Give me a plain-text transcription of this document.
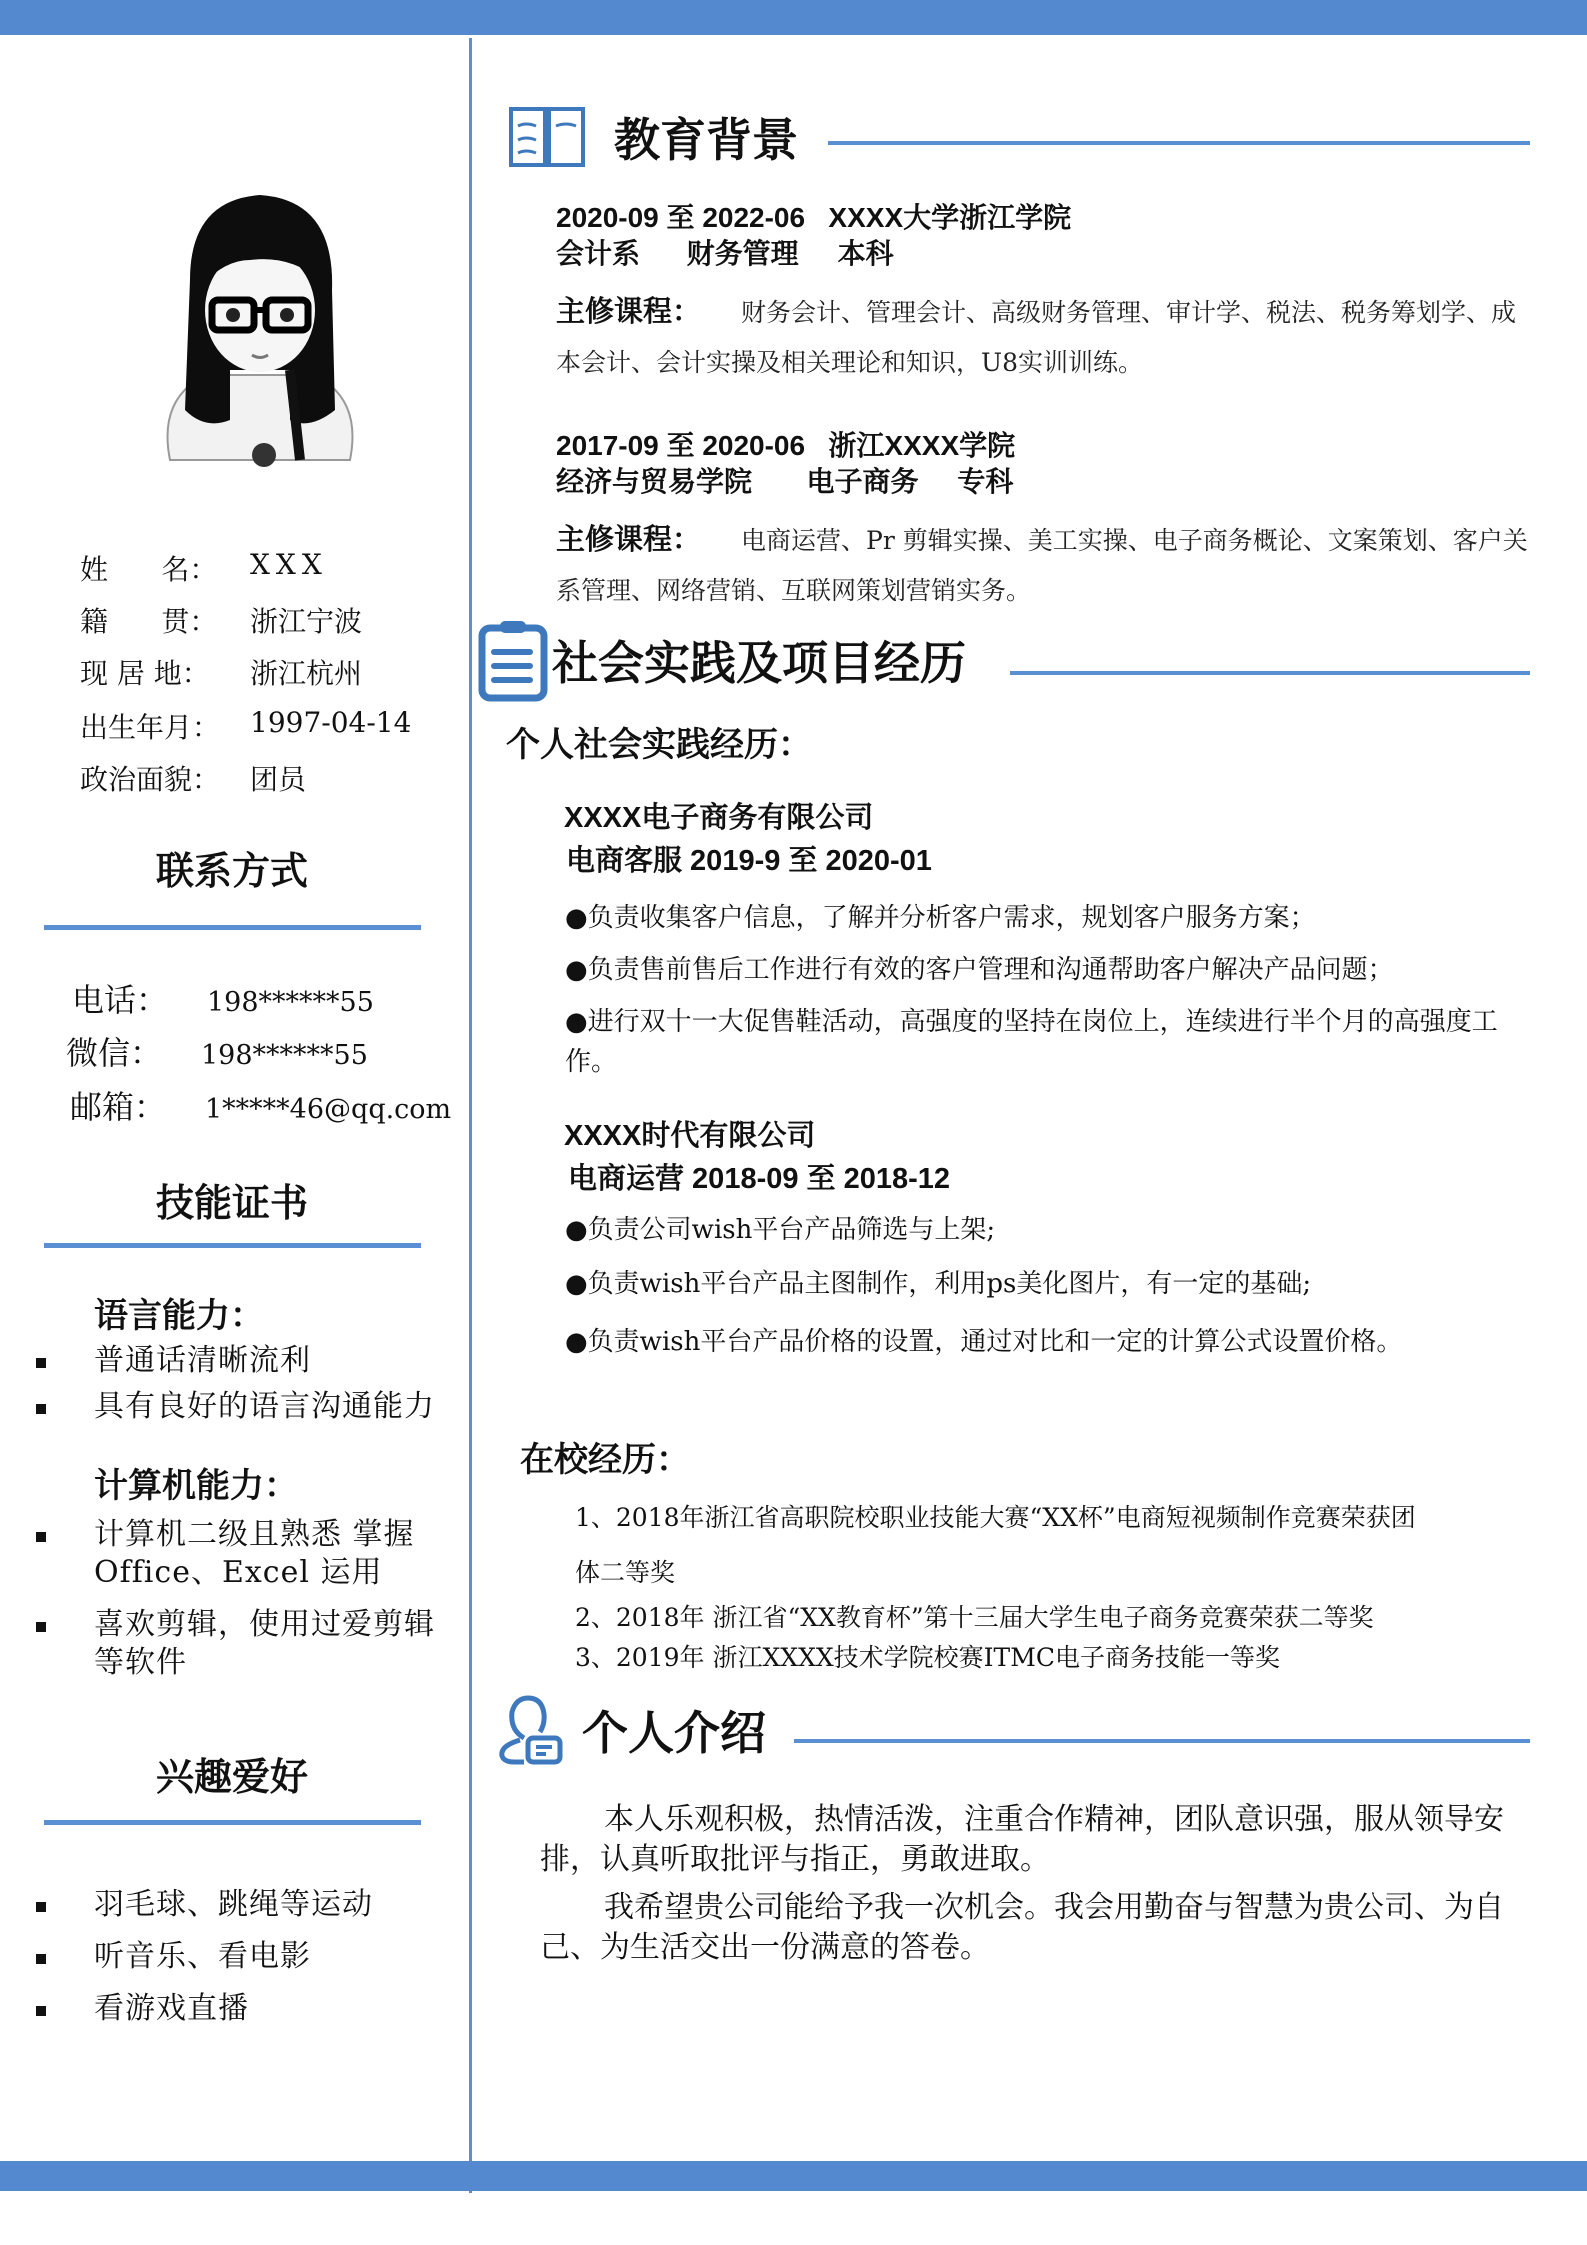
姓      名：	XXX
籍      贯：	浙江宁波
现 居 地：	浙江杭州
出生年月：	1997-04-14
政治面貌：	团员
联系方式
电话：	198******55
微信：	198******55
邮箱：	1*****46@qq.com
技能证书
语言能力：
普通话清晰流利
具有良好的语言沟通能力
计算机能力：
计算机二级且熟悉 掌握 Office、Excel 运用
喜欢剪辑，使用过爱剪辑等软件
兴趣爱好
羽毛球、跳绳等运动
听音乐、看电影
看游戏直播
教育背景
2020-09 至 2022-06   XXXX大学浙江学院
会计系      财务管理     本科
主修课程： 财务会计、管理会计、高级财务管理、审计学、税法、税务筹划学、成本会计、会计实操及相关理论和知识，U8实训训练。
2017-09 至 2020-06   浙江XXXX学院
经济与贸易学院       电子商务     专科
主修课程： 电商运营、Pr 剪辑实操、美工实操、电子商务概论、文案策划、客户关系管理、网络营销、互联网策划营销实务。
社会实践及项目经历
个人社会实践经历：
XXXX电子商务有限公司
电商客服 2019-9 至 2020-01
●负责收集客户信息，了解并分析客户需求，规划客户服务方案；
●负责售前售后工作进行有效的客户管理和沟通帮助客户解决产品问题；
●进行双十一大促售鞋活动，高强度的坚持在岗位上，连续进行半个月的高强度工作。
XXXX时代有限公司
电商运营 2018-09 至 2018-12
●负责公司wish平台产品筛选与上架;
●负责wish平台产品主图制作，利用ps美化图片，有一定的基础;
●负责wish平台产品价格的设置，通过对比和一定的计算公式设置价格。
在校经历：
1、2018年浙江省高职院校职业技能大赛“XX杯”电商短视频制作竞赛荣获团
体二等奖
2、2018年 浙江省“XX教育杯”第十三届大学生电子商务竞赛荣获二等奖
3、2019年 浙江XXXX技术学院校赛ITMC电子商务技能一等奖
个人介绍
本人乐观积极，热情活泼，注重合作精神，团队意识强，服从领导安排，认真听取批评与指正，勇敢进取。
我希望贵公司能给予我一次机会。我会用勤奋与智慧为贵公司、为自己、为生活交出一份满意的答卷。
